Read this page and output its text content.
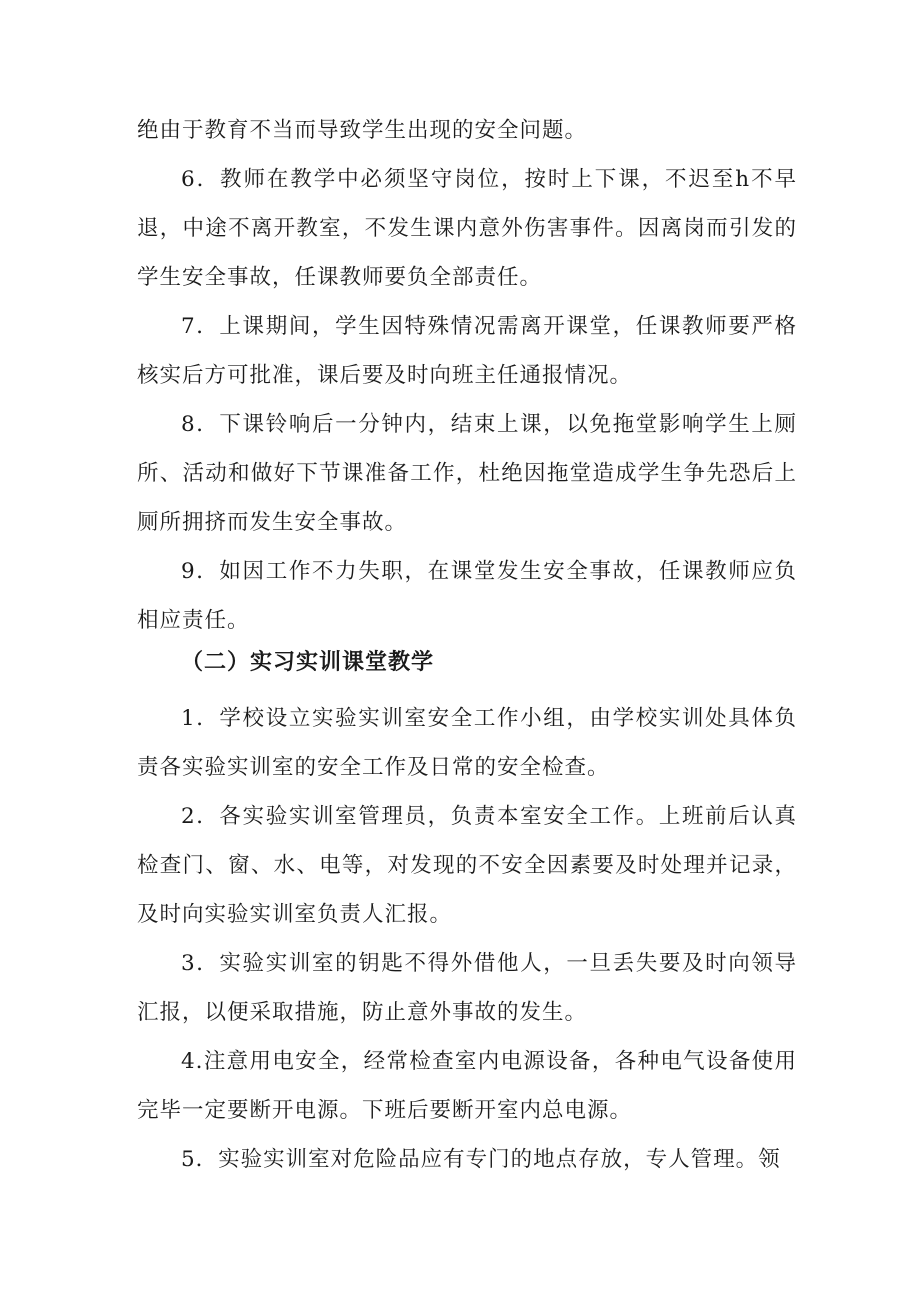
绝由于教育不当而导致学生出现的安全问题。

6．教师在教学中必须坚守岗位，按时上下课，不迟至h不早退，中途不离开教室，不发生课内意外伤害事件。因离岗而引发的学生安全事故，任课教师要负全部责任。

7．上课期间，学生因特殊情况需离开课堂，任课教师要严格核实后方可批准，课后要及时向班主任通报情况。

8．下课铃响后一分钟内，结束上课，以免拖堂影响学生上厕所、活动和做好下节课准备工作，杜绝因拖堂造成学生争先恐后上厕所拥挤而发生安全事故。

9．如因工作不力失职，在课堂发生安全事故，任课教师应负相应责任。

（二）实习实训课堂教学

1．学校设立实验实训室安全工作小组，由学校实训处具体负责各实验实训室的安全工作及日常的安全检查。

2．各实验实训室管理员，负责本室安全工作。上班前后认真检查门、窗、水、电等，对发现的不安全因素要及时处理并记录，及时向实验实训室负责人汇报。

3．实验实训室的钥匙不得外借他人，一旦丢失要及时向领导汇报，以便采取措施，防止意外事故的发生。

4.注意用电安全，经常检查室内电源设备，各种电气设备使用完毕一定要断开电源。下班后要断开室内总电源。

5．实验实训室对危险品应有专门的地点存放，专人管理。领
